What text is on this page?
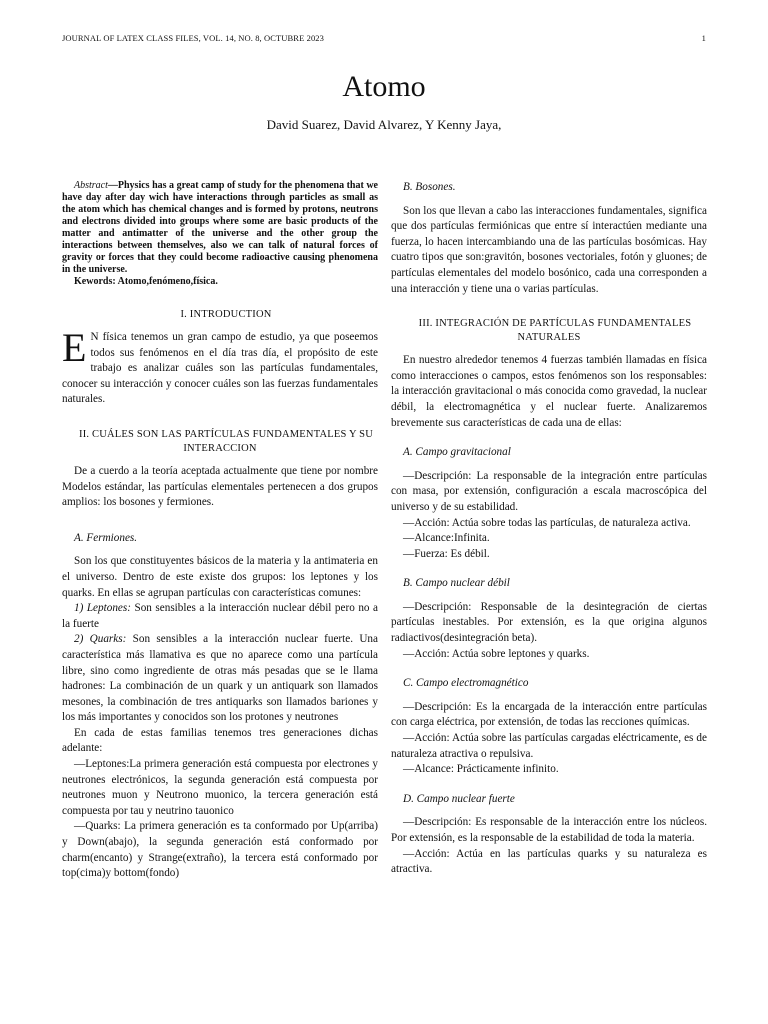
JOURNAL OF LATEX CLASS FILES, VOL. 14, NO. 8, OCTUBRE 2023	1
Atomo
David Suarez, David Alvarez, Y Kenny Jaya,

Abstract—Physics has a great camp of study for the phenomena that we have day after day wich have interactions through particles as small as the atom which has chemical changes and is formed by protons, neutrons and electrons divided into groups where some are basic products of the matter and antimatter of the universe and the other group the interactions between themselves, also we can talk of natural forces of gravity or forces that they could become radioactive causing phenomena in the universe.

Kewords: Atomo,fenómeno,física.

I. INTRODUCTION

E N física tenemos un gran campo de estudio, ya que poseemos todos sus fenómenos en el día tras día, el propósito de este trabajo es analizar cuáles son las partículas fundamentales, conocer su interacción y conocer cuáles son las fuerzas fundamentales naturales.

II. CUÁLES SON LAS PARTÍCULAS FUNDAMENTALES Y SU INTERACCION

De a cuerdo a la teoría aceptada actualmente que tiene por nombre Modelos estándar, las partículas elementales pertenecen a dos grupos amplios: los bosones y fermiones.

A. Fermiones.

Son los que constituyentes básicos de la materia y la antimateria en el universo. Dentro de este existe dos grupos: los leptones y los quarks. En ellas se agrupan partículas con características comunes:

1) Leptones: Son sensibles a la interacción nuclear débil pero no a la fuerte

2) Quarks: Son sensibles a la interacción nuclear fuerte. Una característica más llamativa es que no aparece como una partícula libre, sino como ingrediente de otras más pesadas que se le llama hadrones: La combinación de un quark y un antiquark son llamados mesones, la combinación de tres antiquarks son llamados bariones y los más importantes y conocidos son los protones y neutrones

En cada de estas familias tenemos tres generaciones dichas adelante:

—Leptones:La primera generación está compuesta por electrones y neutrones electrónicos, la segunda generación está compuesta por neutrones muon y Neutrono muonico, la tercera generación está compuesta por tau y neutrino tauonico

—Quarks: La primera generación es ta conformado por Up(arriba) y Down(abajo), la segunda generación está conformado por charm(encanto) y Strange(extraño), la tercera está conformado por top(cima)y bottom(fondo)

B. Bosones.

Son los que llevan a cabo las interacciones fundamentales, significa que dos partículas fermiónicas que entre sí interactúen mediante una fuerza, lo hacen intercambiando una de las partículas bosómicas. Hay cuatro tipos que son:gravitón, bosones vectoriales, fotón y gluones; de partículas elementales del modelo bosónico, cada una corresponden a una interacción y tiene una o varias partículas.

III. INTEGRACIÓN DE PARTÍCULAS FUNDAMENTALES NATURALES

En nuestro alrededor tenemos 4 fuerzas también llamadas en física como interacciones o campos, estos fenómenos son los responsables: la interacción gravitacional o más conocida como gravedad, la nuclear débil, la electromagnética y el nuclear fuerte. Analizaremos brevemente sus características de cada una de ellas:

A. Campo gravitacional

—Descripción: La responsable de la integración entre partículas con masa, por extensión, configuración a escala macroscópica del universo y de su estabilidad.

—Acción: Actúa sobre todas las partículas, de naturaleza activa.

—Alcance:Infinita.

—Fuerza: Es débil.

B. Campo nuclear débil

—Descripción: Responsable de la desintegración de ciertas partículas inestables. Por extensión, es la que origina algunos radiactivos(desintegración beta).

—Acción: Actúa sobre leptones y quarks.

C. Campo electromagnético

—Descripción: Es la encargada de la interacción entre partículas con carga eléctrica, por extensión, de todas las recciones químicas.

—Acción: Actúa sobre las partículas cargadas eléctricamente, es de naturaleza atractiva o repulsiva.

—Alcance: Prácticamente infinito.

D. Campo nuclear fuerte

—Descripción: Es responsable de la interacción entre los núcleos. Por extensión, es la responsable de la estabilidad de toda la materia.

—Acción: Actúa en las partículas quarks y su naturaleza es atractiva.
